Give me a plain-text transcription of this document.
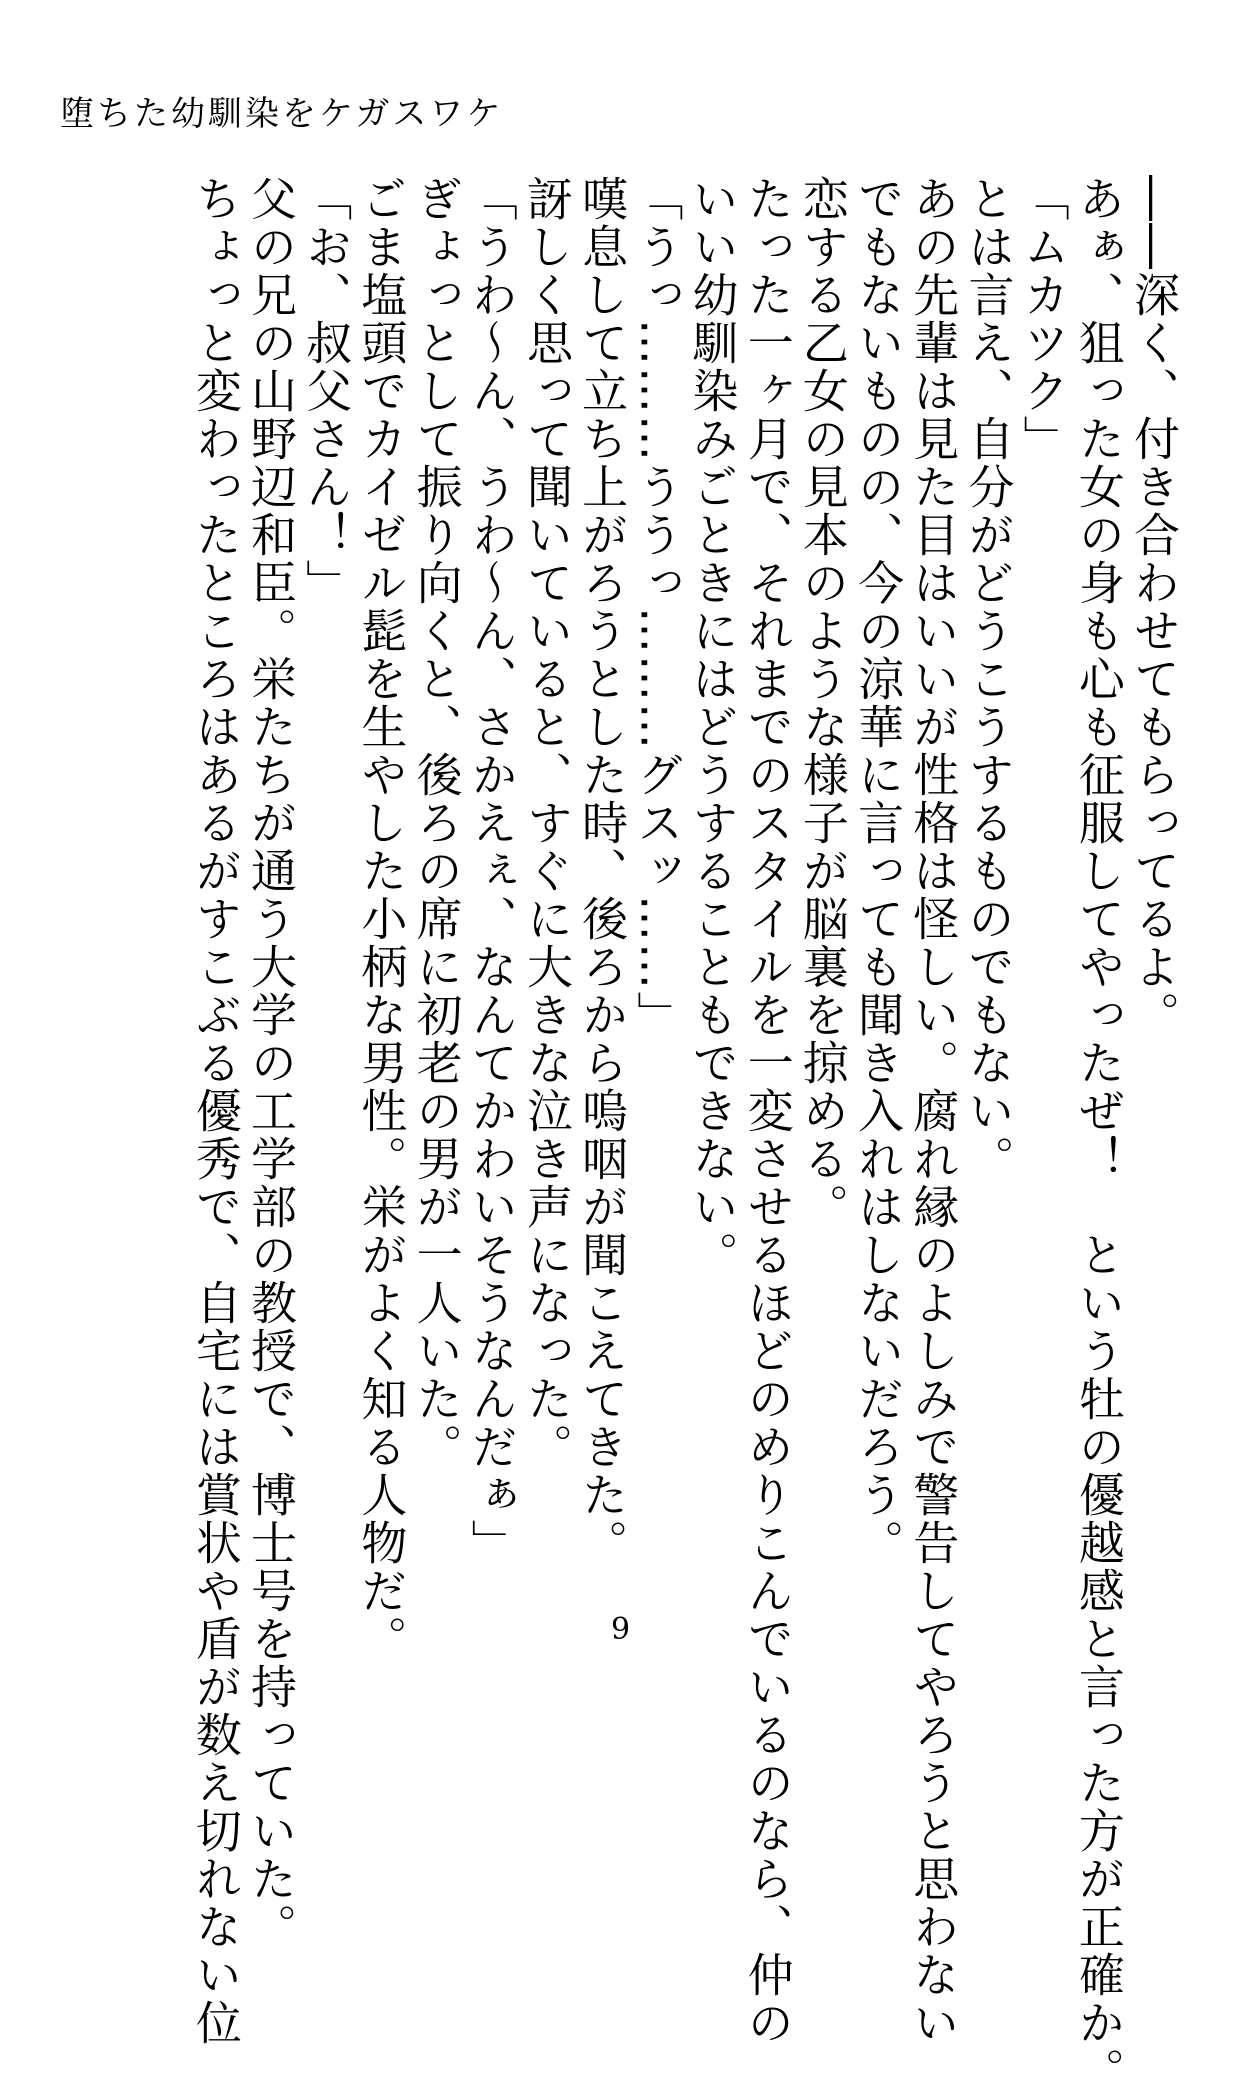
堕ちた幼馴染をケガスワケ
――深く、付き合わせてもらってるよ。
あぁ、狙った女の身も心も征服してやったぜ！　という牡の優越感と言った方が正確か。
「ムカツク」
とは言え、自分がどうこうするものでもない。
あの先輩は見た目はいいが性格は怪しい。腐れ縁のよしみで警告してやろうと思わない
でもないものの、今の涼華に言っても聞き入れはしないだろう。
恋する乙女の見本のような様子が脳裏を掠める。
たった一ヶ月で、それまでのスタイルを一変させるほどのめりこんでいるのなら、仲の
いい幼馴染みごときにはどうすることもできない。
「うっ………ううっ………グスッ……」
嘆息して立ち上がろうとした時、後ろから嗚咽が聞こえてきた。
訝しく思って聞いていると、すぐに大きな泣き声になった。
「うわ～ん、うわ～ん、さかえぇ、なんてかわいそうなんだぁ」
ぎょっとして振り向くと、後ろの席に初老の男が一人いた。
ごま塩頭でカイゼル髭を生やした小柄な男性。栄がよく知る人物だ。
「お、叔父さん！」
父の兄の山野辺和臣。栄たちが通う大学の工学部の教授で、博士号を持っていた。
ちょっと変わったところはあるがすこぶる優秀で、自宅には賞状や盾が数え切れない位	9
